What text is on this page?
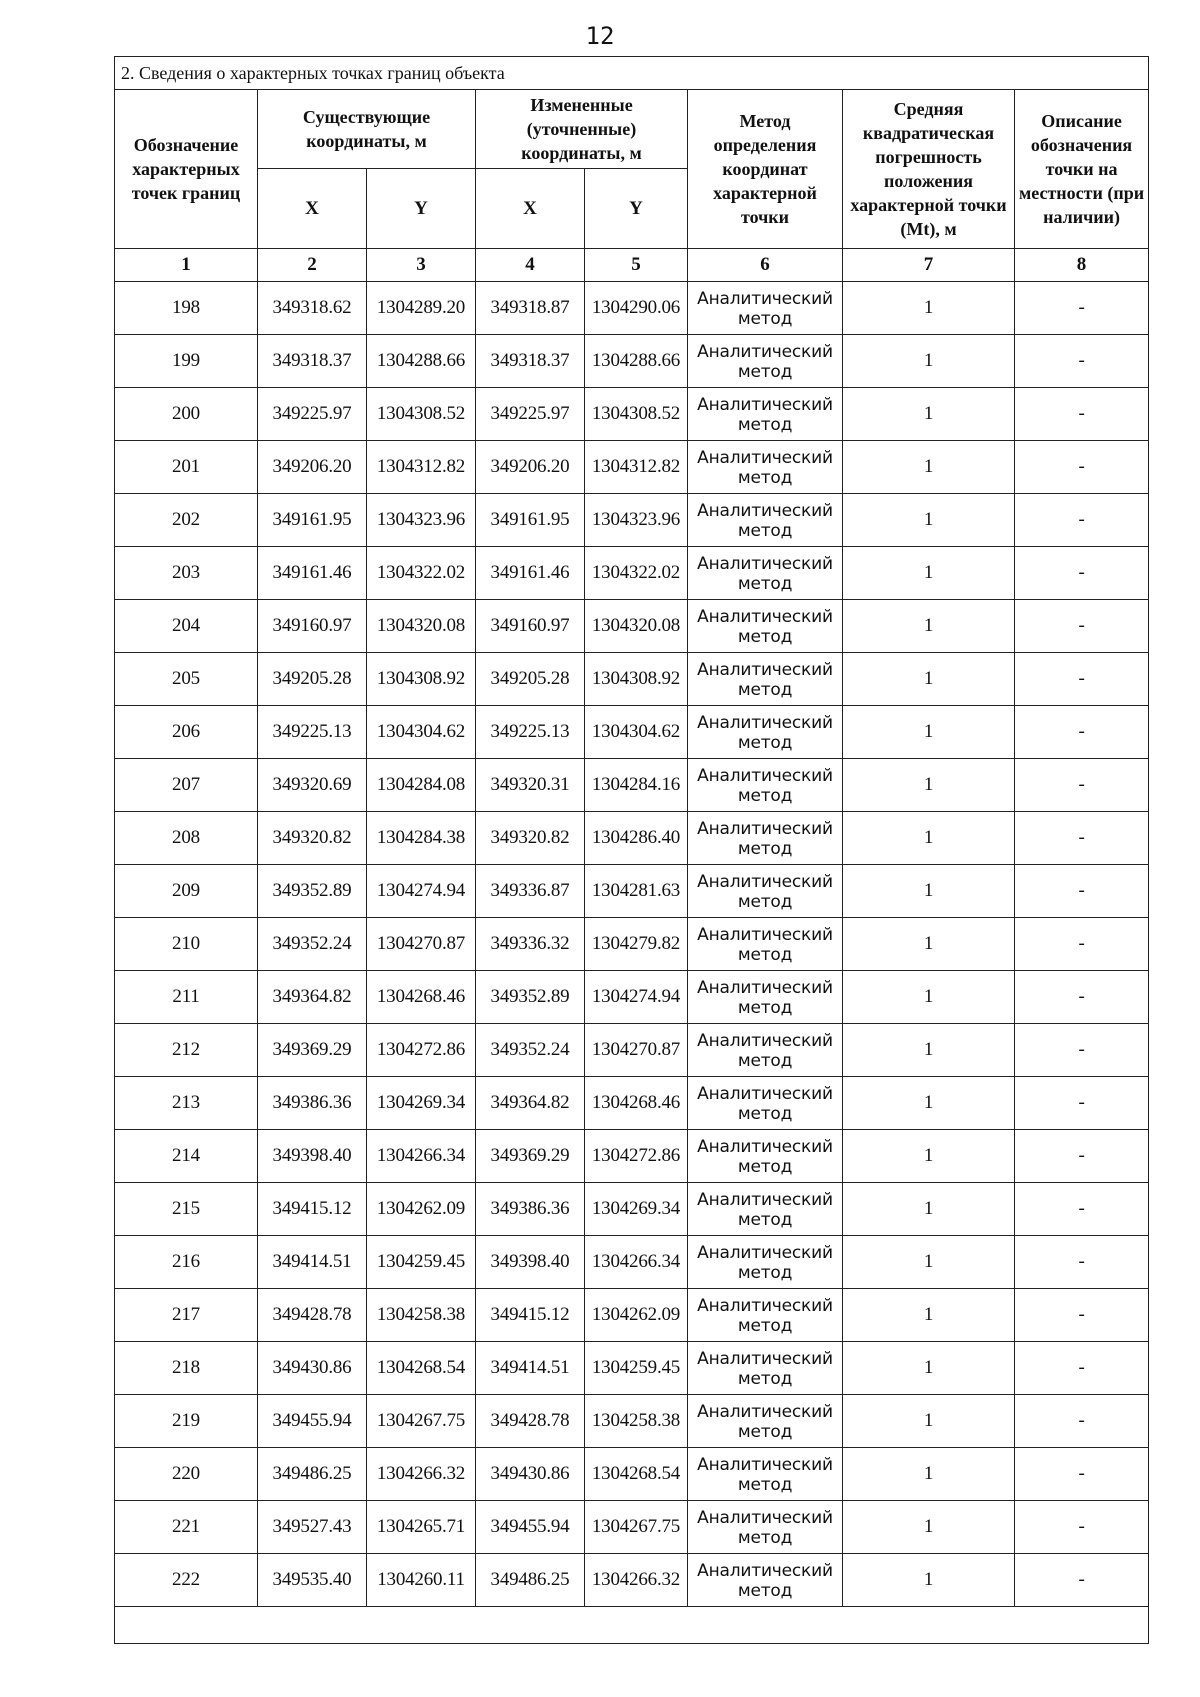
12
2. Сведения о характерных точках границ объекта							
Обозначение характерных точек границ	Существующие координаты, м		Измененные (уточненные) координаты, м		Метод определения координат характерной точки	Средняя квадратическая погрешность положения характерной точки (Mt), м	Описание обозначения точки на местности (при наличии)
	X	Y	X	Y			
1	2	3	4	5	6	7	8
198	349318.62	1304289.20	349318.87	1304290.06	Аналитический метод	1	-
199	349318.37	1304288.66	349318.37	1304288.66	Аналитический метод	1	-
200	349225.97	1304308.52	349225.97	1304308.52	Аналитический метод	1	-
201	349206.20	1304312.82	349206.20	1304312.82	Аналитический метод	1	-
202	349161.95	1304323.96	349161.95	1304323.96	Аналитический метод	1	-
203	349161.46	1304322.02	349161.46	1304322.02	Аналитический метод	1	-
204	349160.97	1304320.08	349160.97	1304320.08	Аналитический метод	1	-
205	349205.28	1304308.92	349205.28	1304308.92	Аналитический метод	1	-
206	349225.13	1304304.62	349225.13	1304304.62	Аналитический метод	1	-
207	349320.69	1304284.08	349320.31	1304284.16	Аналитический метод	1	-
208	349320.82	1304284.38	349320.82	1304286.40	Аналитический метод	1	-
209	349352.89	1304274.94	349336.87	1304281.63	Аналитический метод	1	-
210	349352.24	1304270.87	349336.32	1304279.82	Аналитический метод	1	-
211	349364.82	1304268.46	349352.89	1304274.94	Аналитический метод	1	-
212	349369.29	1304272.86	349352.24	1304270.87	Аналитический метод	1	-
213	349386.36	1304269.34	349364.82	1304268.46	Аналитический метод	1	-
214	349398.40	1304266.34	349369.29	1304272.86	Аналитический метод	1	-
215	349415.12	1304262.09	349386.36	1304269.34	Аналитический метод	1	-
216	349414.51	1304259.45	349398.40	1304266.34	Аналитический метод	1	-
217	349428.78	1304258.38	349415.12	1304262.09	Аналитический метод	1	-
218	349430.86	1304268.54	349414.51	1304259.45	Аналитический метод	1	-
219	349455.94	1304267.75	349428.78	1304258.38	Аналитический метод	1	-
220	349486.25	1304266.32	349430.86	1304268.54	Аналитический метод	1	-
221	349527.43	1304265.71	349455.94	1304267.75	Аналитический метод	1	-
222	349535.40	1304260.11	349486.25	1304266.32	Аналитический метод	1	-
